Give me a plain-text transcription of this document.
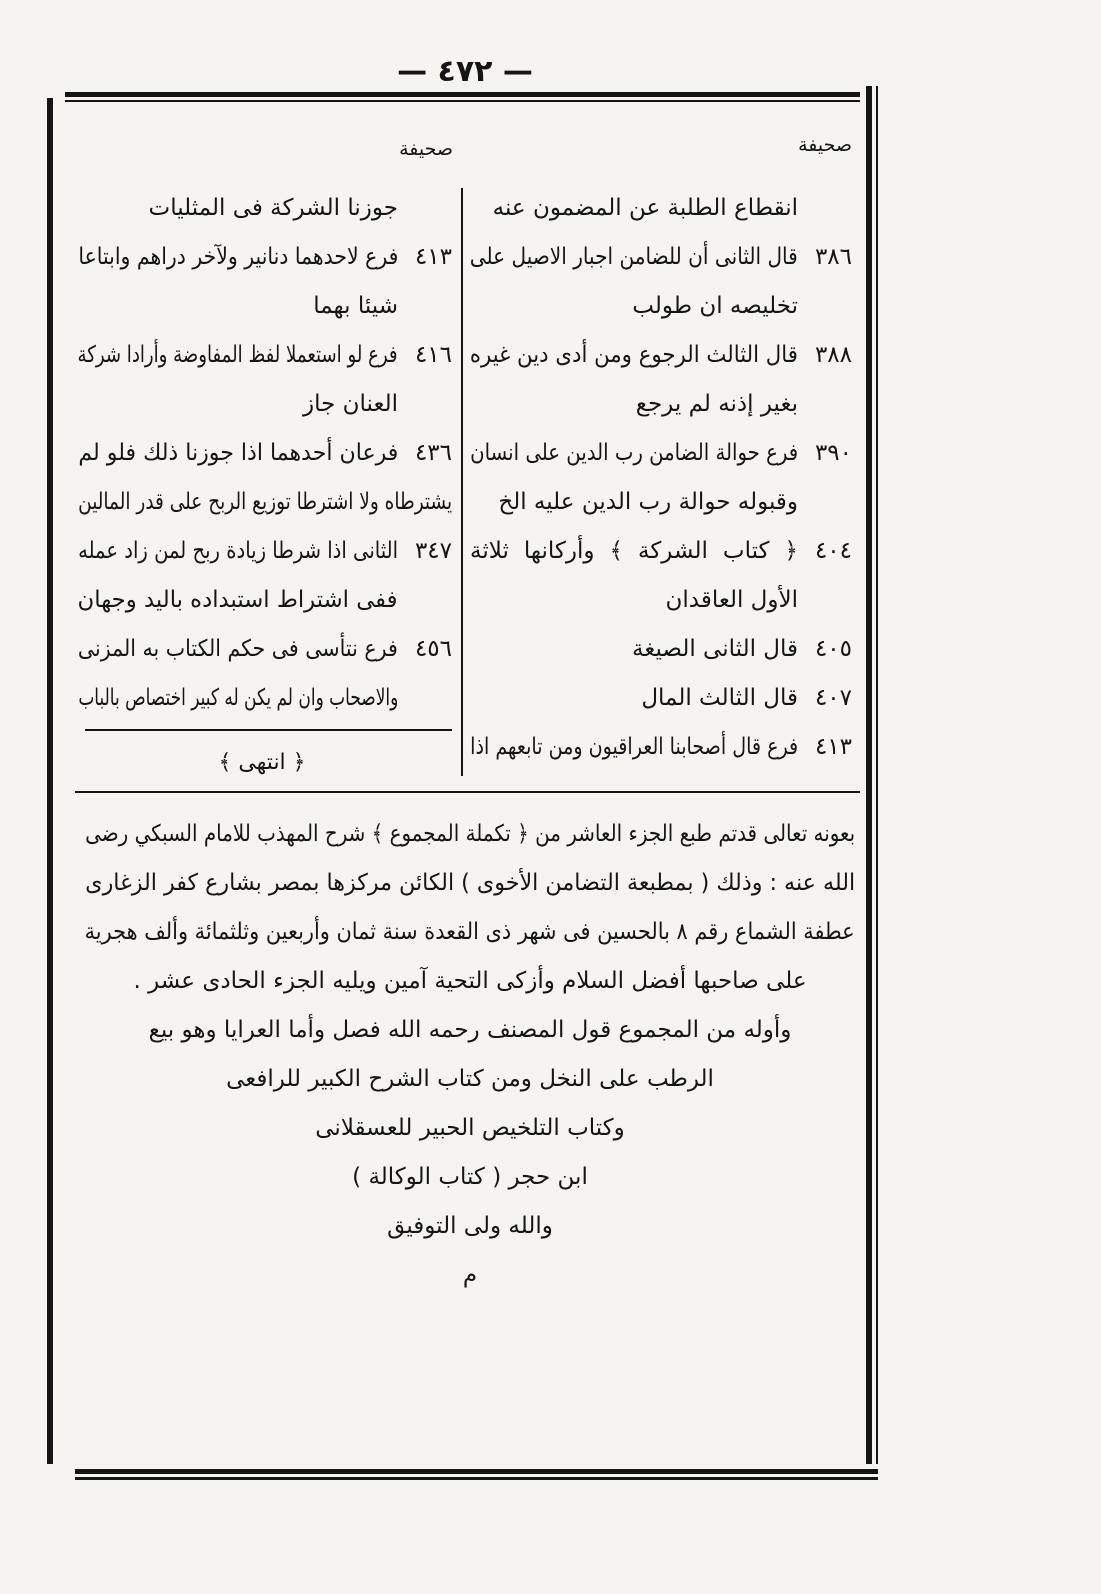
— ٤٧٢ —
صحيفة
صحيفة
انقطاع الطلبة عن المضمون عنه
٣٨٦
قال الثانى أن للضامن اجبار الاصيل على
تخليصه ان طولب
٣٨٨
قال الثالث الرجوع ومن أدى دين غيره
بغير إذنه لم يرجع
٣٩٠
فرع حوالة الضامن رب الدين على انسان
وقبوله حوالة رب الدين عليه الخ
٤٠٤
﴿ كتاب الشركة ﴾ وأركانها ثلاثة
الأول العاقدان
٤٠٥
قال الثانى الصيغة
٤٠٧
قال الثالث المال
٤١٣
فرع قال أصحابنا العراقيون ومن تابعهم اذا
جوزنا الشركة فى المثليات
٤١٣
فرع لاحدهما دنانير ولآخر دراهم وابتاعا
شيئا بهما
٤١٦
فرع لو استعملا لفظ المفاوضة وأرادا شركة
العنان جاز
٤٣٦
فرعان أحدهما اذا جوزنا ذلك فلو لم
يشترطاه ولا اشترطا توزيع الربح على قدر المالين
٣٤٧
الثانى اذا شرطا زيادة ربح لمن زاد عمله
ففى اشتراط استبداده باليد وجهان
٤٥٦
فرع نتأسى فى حكم الكتاب به المزنى
والاصحاب وان لم يكن له كبير اختصاص بالباب
﴿ انتهى ﴾
بعونه تعالى قدتم طبع الجزء العاشر من ﴿ تكملة المجموع ﴾ شرح المهذب للامام السبكي رضى
الله عنه : وذلك ( بمطبعة التضامن الأخوى ) الكائن مركزها بمصر بشارع كفر الزغارى
عطفة الشماع رقم ٨ بالحسين فى شهر ذى القعدة سنة ثمان وأربعين وثلثمائة وألف هجرية
على صاحبها أفضل السلام وأزكى التحية آمين ويليه الجزء الحادى عشر .
وأوله من المجموع قول المصنف رحمه الله فصل وأما العرايا وهو بيع
الرطب على النخل ومن كتاب الشرح الكبير للرافعى
وكتاب التلخيص الحبير للعسقلانى
ابن حجر ( كتاب الوكالة )
والله ولى التوفيق
م
